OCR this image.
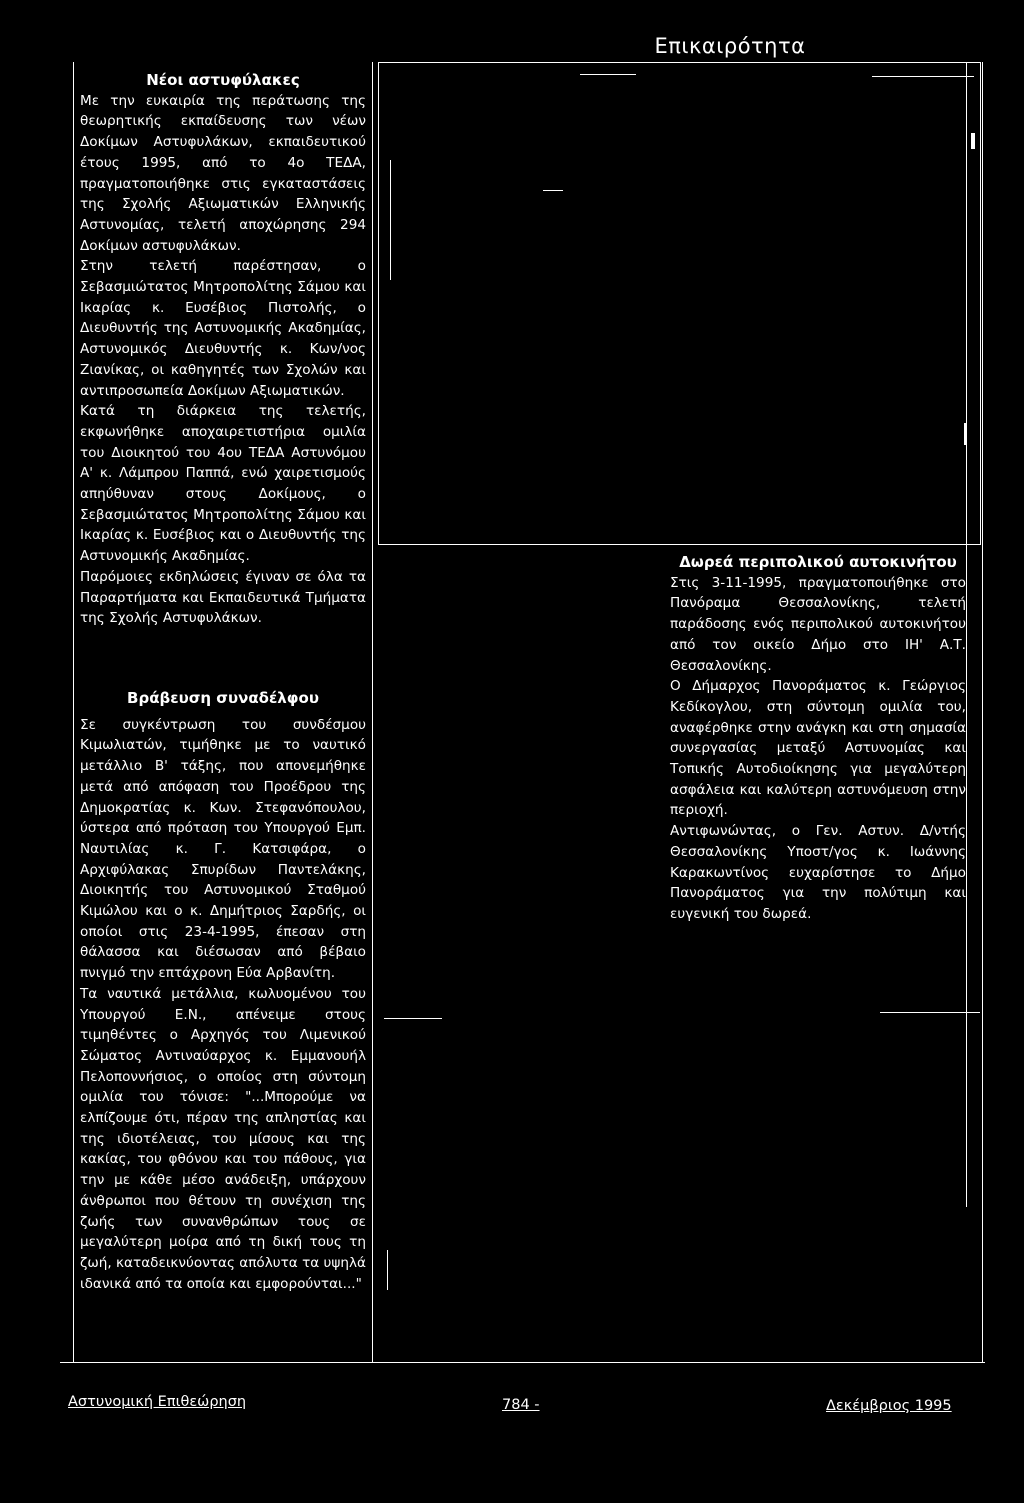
Επικαιρότητα

Νέοι αστυφύλακες

Με την ευκαιρία της περάτωσης της θεωρητικής εκπαίδευσης των νέων Δοκίμων Αστυφυλάκων, εκπαιδευτικού έτους 1995, από το 4ο ΤΕΔΑ, πραγματοποιήθηκε στις εγκαταστάσεις της Σχολής Αξιωματικών Ελληνικής Αστυνομίας, τελετή αποχώρησης 294 Δοκίμων αστυφυλάκων.

Στην τελετή παρέστησαν, ο Σεβασμιώτατος Μητροπολίτης Σάμου και Ικαρίας κ. Ευσέβιος Πιστολής, ο Διευθυντής της Αστυνομικής Ακαδημίας, Αστυνομικός Διευθυντής κ. Κων/νος Ζιανίκας, οι καθηγητές των Σχολών και αντιπροσωπεία Δοκίμων Αξιωματικών.

Κατά τη διάρκεια της τελετής, εκφωνήθηκε αποχαιρετιστήρια ομιλία του Διοικητού του 4ου ΤΕΔΑ Αστυνόμου Α' κ. Λάμπρου Παππά, ενώ χαιρετισμούς απηύθυναν στους Δοκίμους, ο Σεβασμιώτατος Μητροπολίτης Σάμου και Ικαρίας κ. Ευσέβιος και ο Διευθυντής της Αστυνομικής Ακαδημίας.

Παρόμοιες εκδηλώσεις έγιναν σε όλα τα Παραρτήματα και Εκπαιδευτικά Τμήματα της Σχολής Αστυφυλάκων.

Βράβευση συναδέλφου

Σε συγκέντρωση του συνδέσμου Κιμωλιατών, τιμήθηκε με το ναυτικό μετάλλιο Β' τάξης, που απονεμήθηκε μετά από απόφαση του Προέδρου της Δημοκρατίας κ. Κων. Στεφανόπουλου, ύστερα από πρόταση του Υπουργού Εμπ. Ναυτιλίας κ. Γ. Κατσιφάρα, ο Αρχιφύλακας Σπυρίδων Παντελάκης, Διοικητής του Αστυνομικού Σταθμού Κιμώλου και ο κ. Δημήτριος Σαρδής, οι οποίοι στις 23-4-1995, έπεσαν στη θάλασσα και διέσωσαν από βέβαιο πνιγμό την επτάχρονη Εύα Αρβανίτη.

Τα ναυτικά μετάλλια, κωλυομένου του Υπουργού Ε.Ν., απένειμε στους τιμηθέντες ο Αρχηγός του Λιμενικού Σώματος Αντιναύαρχος κ. Εμμανουήλ Πελοποννήσιος, ο οποίος στη σύντομη ομιλία του τόνισε: "...Μπορούμε να ελπίζουμε ότι, πέραν της απληστίας και της ιδιοτέλειας, του μίσους και της κακίας, του φθόνου και του πάθους, για την με κάθε μέσο ανάδειξη, υπάρχουν άνθρωποι που θέτουν τη συνέχιση της ζωής των συνανθρώπων τους σε μεγαλύτερη μοίρα από τη δική τους τη ζωή, καταδεικνύοντας απόλυτα τα υψηλά ιδανικά από τα οποία και εμφορούνται..."

Δωρεά περιπολικού αυτοκινήτου

Στις 3-11-1995, πραγματοποιήθηκε στο Πανόραμα Θεσσαλονίκης, τελετή παράδοσης ενός περιπολικού αυτοκινήτου από τον οικείο Δήμο στο ΙΗ' Α.Τ. Θεσσαλονίκης.

Ο Δήμαρχος Πανοράματος κ. Γεώργιος Κεδίκογλου, στη σύντομη ομιλία του, αναφέρθηκε στην ανάγκη και στη σημασία συνεργασίας μεταξύ Αστυνομίας και Τοπικής Αυτοδιοίκησης για μεγαλύτερη ασφάλεια και καλύτερη αστυνόμευση στην περιοχή.

Αντιφωνώντας, ο Γεν. Αστυν. Δ/ντής Θεσσαλονίκης Υποστ/γος κ. Ιωάννης Καρακωντίνος ευχαρίστησε το Δήμο Πανοράματος για την πολύτιμη και ευγενική του δωρεά.

Αστυνομική Επιθεώρηση	784 -	Δεκέμβριος 1995
